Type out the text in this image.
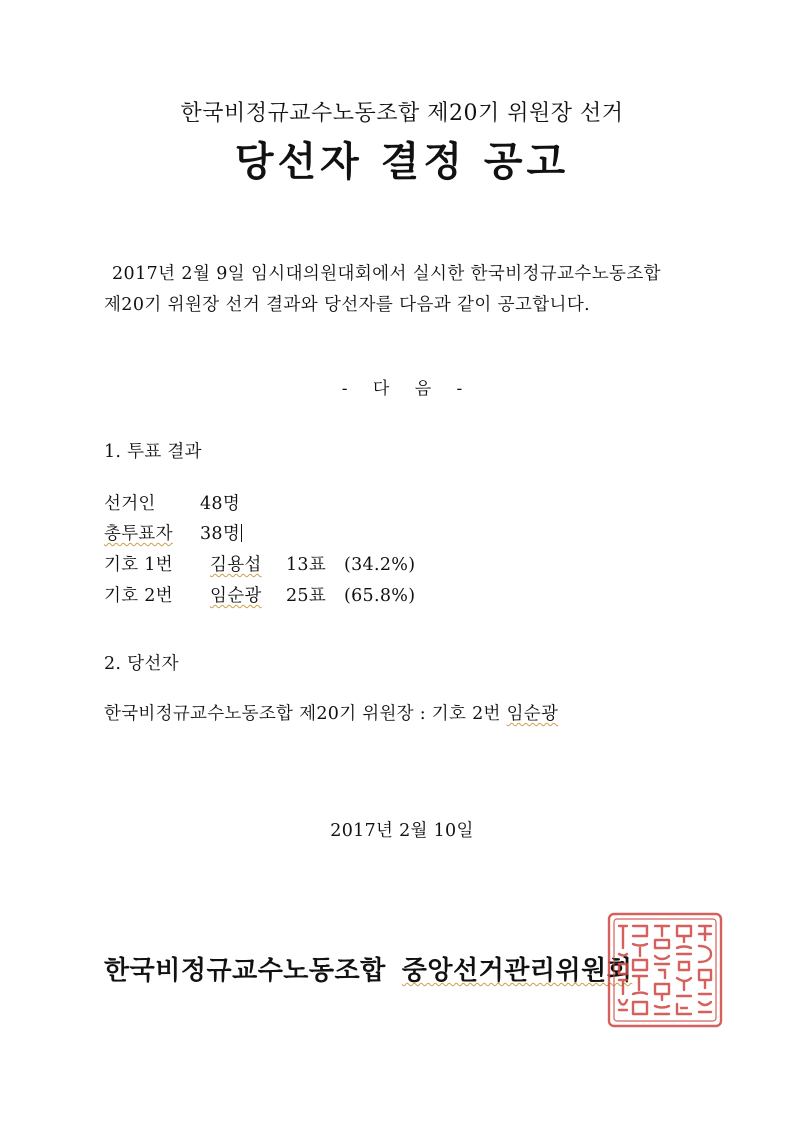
한국비정규교수노동조합 제20기 위원장 선거
당선자 결정 공고
2017년 2월 9일 임시대의원대회에서 실시한 한국비정규교수노동조합
제20기 위원장 선거 결과와 당선자를 다음과 같이 공고합니다.
- 다 음 -
1. 투표 결과
선거인	48명
총투표자 38명
기호 1번 김용섭 13표 (34.2%)
기호 2번 임순광 25표 (65.8%)
2. 당선자
한국비정규교수노동조합 제20기 위원장 : 기호 2번 임순광
2017년 2월 10일
한국비정규교수노동조합 중앙선거관리위원회
